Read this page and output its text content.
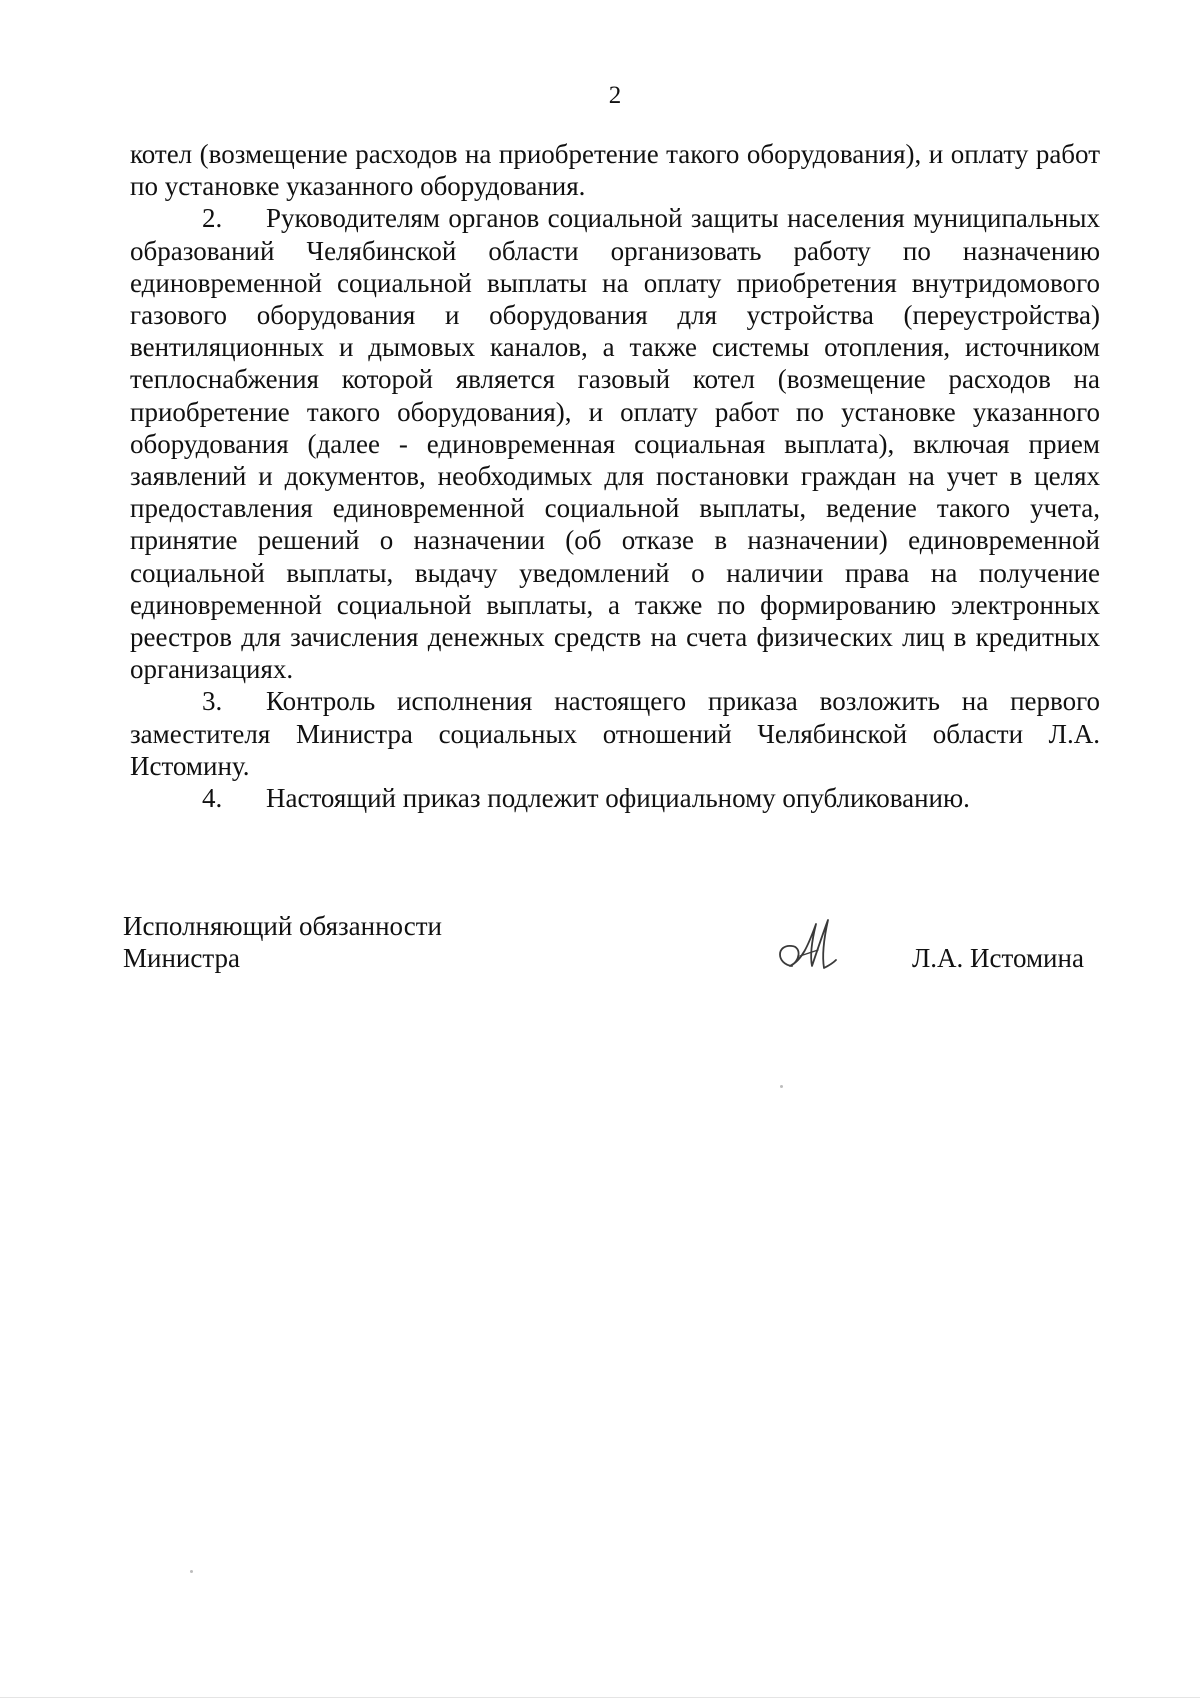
2

котел (возмещение расходов на приобретение такого оборудования), и оплату работ по установке указанного оборудования.

2. Руководителям органов социальной защиты населения муниципальных образований Челябинской области организовать работу по назначению единовременной социальной выплаты на оплату приобретения внутридомового газового оборудования и оборудования для устройства (переустройства) вентиляционных и дымовых каналов, а также системы отопления, источником теплоснабжения которой является газовый котел (возмещение расходов на приобретение такого оборудования), и оплату работ по установке указанного оборудования (далее - единовременная социальная выплата), включая прием заявлений и документов, необходимых для постановки граждан на учет в целях предоставления единовременной социальной выплаты, ведение такого учета, принятие решений о назначении (об отказе в назначении) единовременной социальной выплаты, выдачу уведомлений о наличии права на получение единовременной социальной выплаты, а также по формированию электронных реестров для зачисления денежных средств на счета физических лиц в кредитных организациях.

3. Контроль исполнения настоящего приказа возложить на первого заместителя Министра социальных отношений Челябинской области Л.А. Истомину.

4. Настоящий приказ подлежит официальному опубликованию.

Исполняющий обязанности
Министра	Л.А. Истомина
